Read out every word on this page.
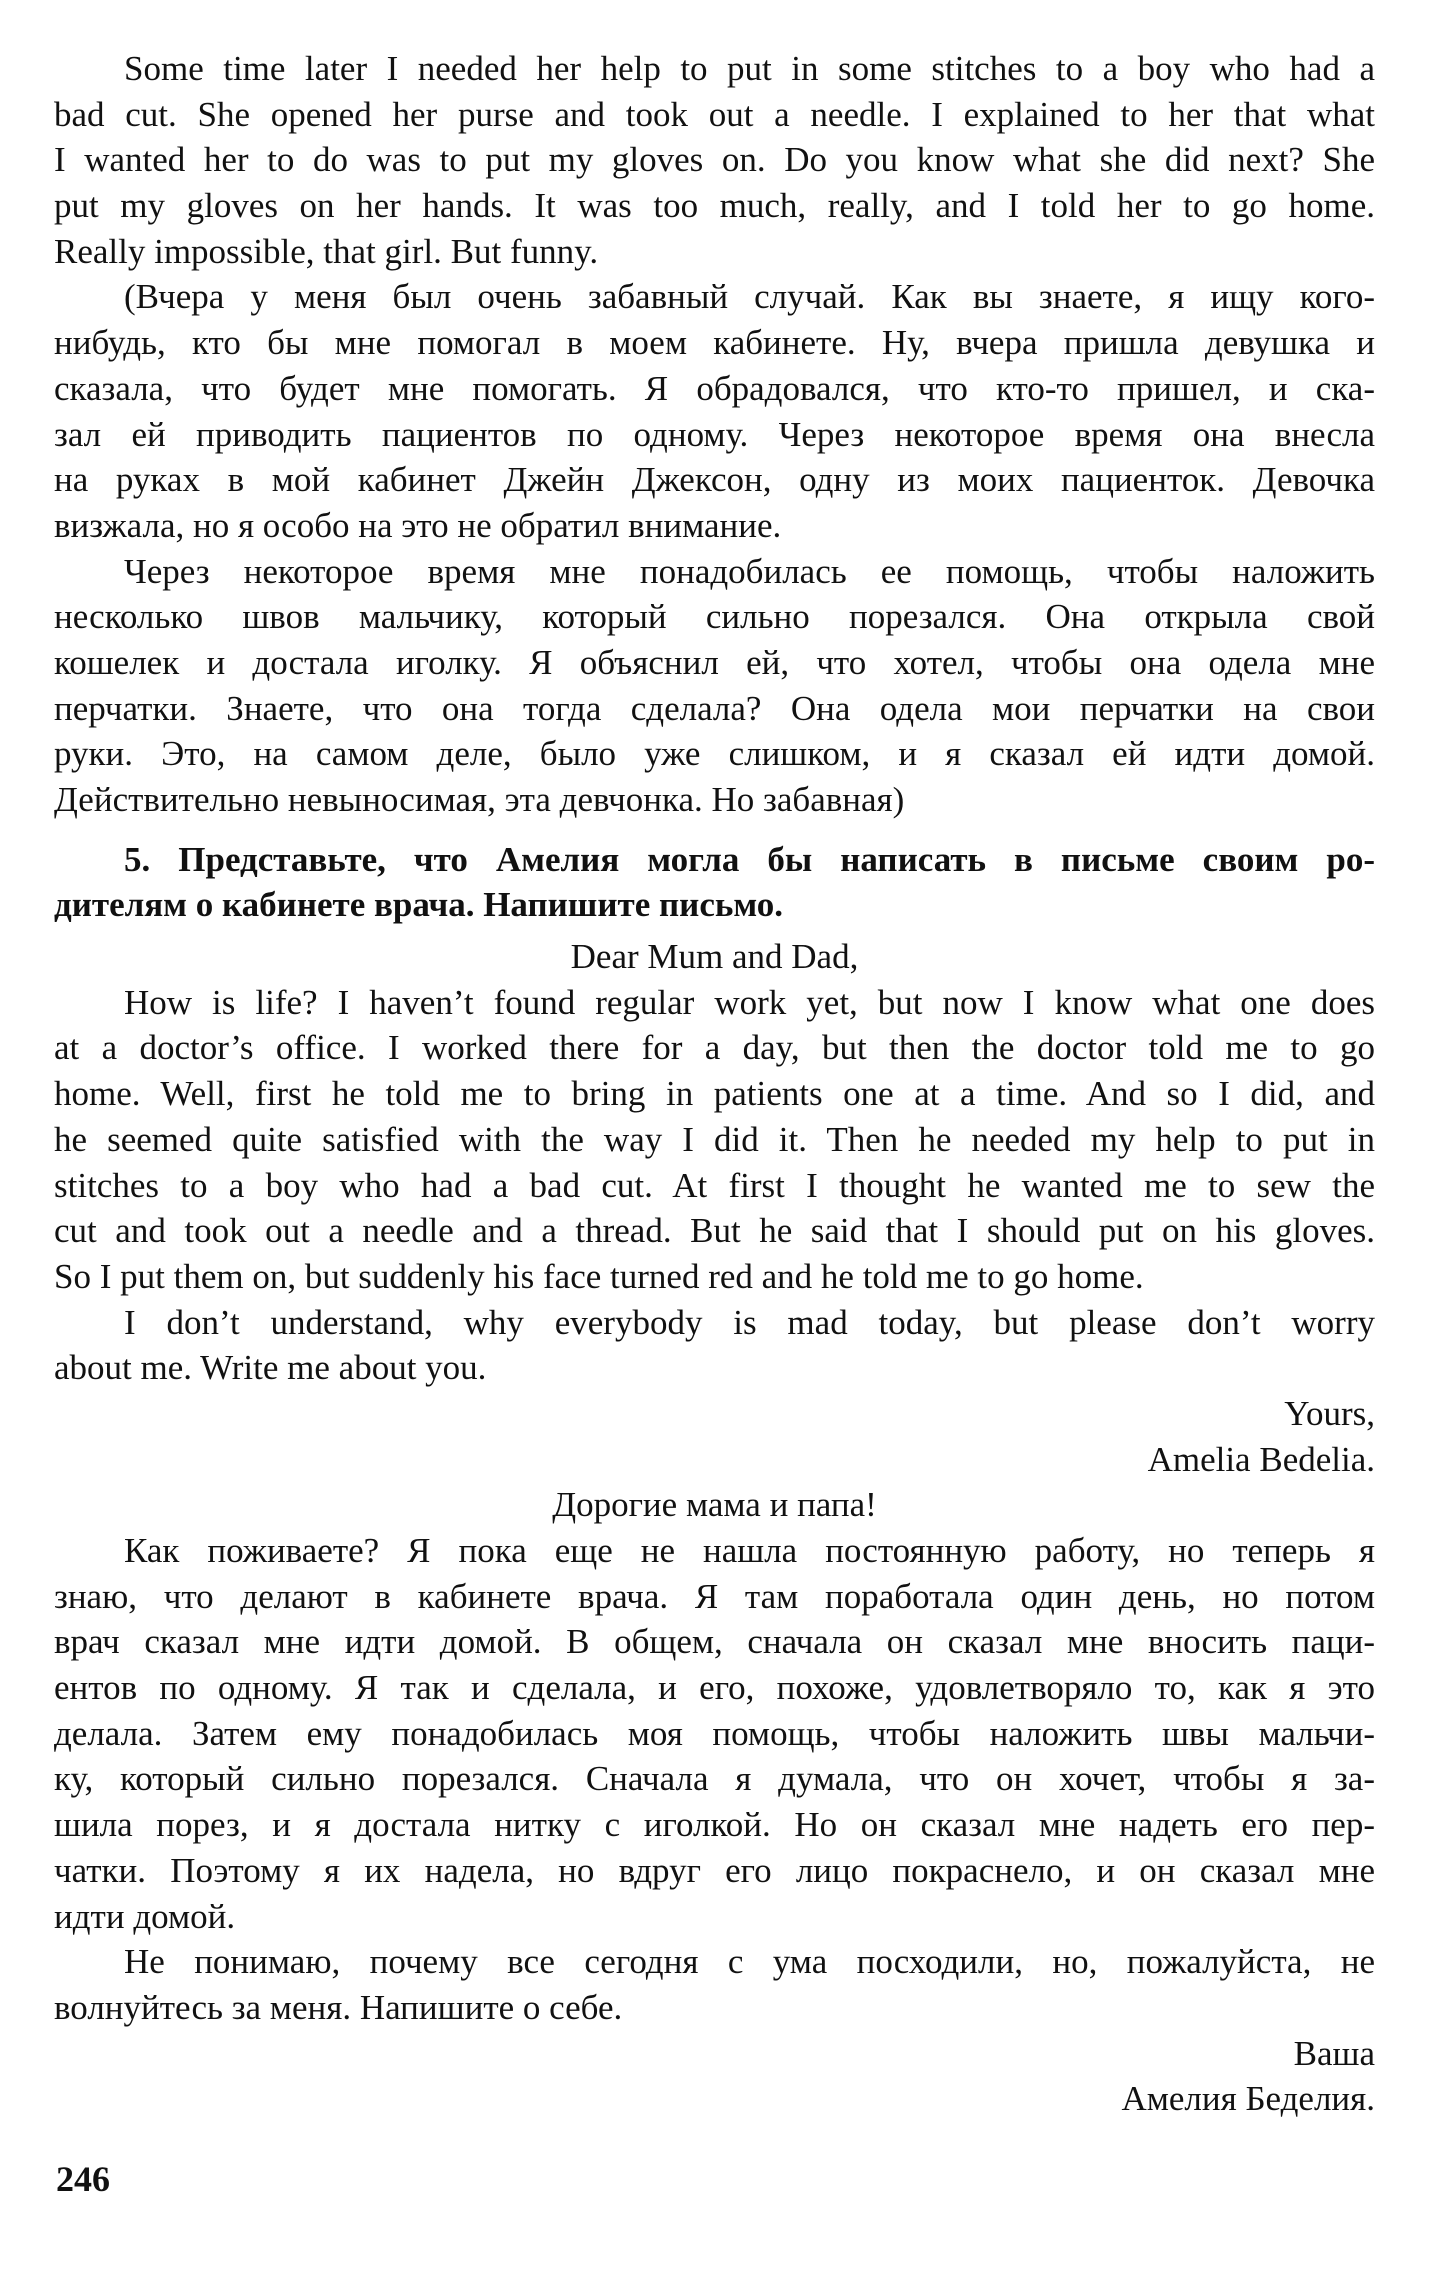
Some time later I needed her help to put in some stitches to a boy who had a
bad cut. She opened her purse and took out a needle. I explained to her that what
I wanted her to do was to put my gloves on. Do you know what she did next? She
put my gloves on her hands. It was too much, really, and I told her to go home.
Really impossible, that girl. But funny.
(Вчера у меня был очень забавный случай. Как вы знаете, я ищу кого-
нибудь, кто бы мне помогал в моем кабинете. Ну, вчера пришла девушка и
сказала, что будет мне помогать. Я обрадовался, что кто-то пришел, и ска-
зал ей приводить пациентов по одному. Через некоторое время она внесла
на руках в мой кабинет Джейн Джексон, одну из моих пациенток. Девочка
визжала, но я особо на это не обратил внимание.
Через некоторое время мне понадобилась ее помощь, чтобы наложить
несколько швов мальчику, который сильно порезался. Она открыла свой
кошелек и достала иголку. Я объяснил ей, что хотел, чтобы она одела мне
перчатки. Знаете, что она тогда сделала? Она одела мои перчатки на свои
руки. Это, на самом деле, было уже слишком, и я сказал ей идти домой.
Действительно невыносимая, эта девчонка. Но забавная)
5. Представьте, что Амелия могла бы написать в письме своим ро-
дителям о кабинете врача. Напишите письмо.
Dear Mum and Dad,
How is life? I haven’t found regular work yet, but now I know what one does
at a doctor’s office. I worked there for a day, but then the doctor told me to go
home. Well, first he told me to bring in patients one at a time. And so I did, and
he seemed quite satisfied with the way I did it. Then he needed my help to put in
stitches to a boy who had a bad cut. At first I thought he wanted me to sew the
cut and took out a needle and a thread. But he said that I should put on his gloves.
So I put them on, but suddenly his face turned red and he told me to go home.
I don’t understand, why everybody is mad today, but please don’t worry
about me. Write me about you.
Yours,
Amelia Bedelia.
Дорогие мама и папа!
Как поживаете? Я пока еще не нашла постоянную работу, но теперь я
знаю, что делают в кабинете врача. Я там поработала один день, но потом
врач сказал мне идти домой. В общем, сначала он сказал мне вносить паци-
ентов по одному. Я так и сделала, и его, похоже, удовлетворяло то, как я это
делала. Затем ему понадобилась моя помощь, чтобы наложить швы мальчи-
ку, который сильно порезался. Сначала я думала, что он хочет, чтобы я за-
шила порез, и я достала нитку с иголкой. Но он сказал мне надеть его пер-
чатки. Поэтому я их надела, но вдруг его лицо покраснело, и он сказал мне
идти домой.
Не понимаю, почему все сегодня с ума посходили, но, пожалуйста, не
волнуйтесь за меня. Напишите о себе.
Ваша
Амелия Беделия.
246
